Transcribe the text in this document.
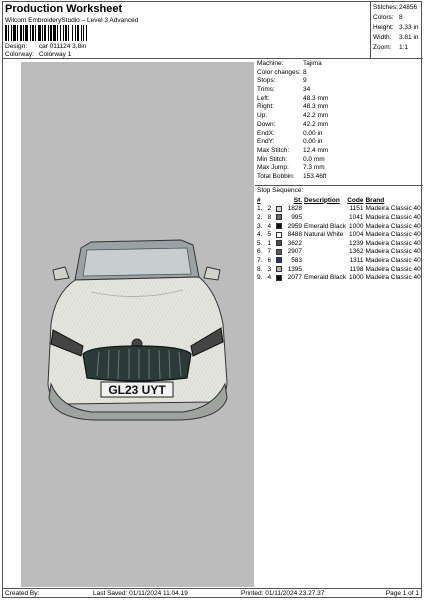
Production Worksheet
Wilcom EmbroideryStudio – Level 3 Advanced
Design: car 011124 3,8in
Colorway: Colorway 1
Stitches: 24856
Colors: 8
Height: 3.33 in
Width:	3.81 in
Zoom:	1:1
GL23 UYT
Machine:	Tajima
Color changes: 8
Stops:	9
Trims:	34
Left:	48.3 mm
Right:	48.3 mm
Up:	42.2 mm
Down:	42.2 mm
EndX:	0.00 in
EndY:	0.00 in
Max Stitch:	12.4 mm
Min Stitch:	0.0 mm
Max Jump:	7.3 mm
Total Bobbin:	153.46ft
Stop Sequence:
#	St. Description	Code Brand
1. 2	1828	1151 Madeira Classic 40
2. 8	995	1041 Madeira Classic 40
3. 4	2959 Emerald Black 1000 Madeira Classic 40
4. 5	8488 Natural White 1004 Madeira Classic 40
5. 1	3622	1239 Madeira Classic 40
6. 7	2907	1362 Madeira Classic 40
7. 6	583	1311 Madeira Classic 40
8. 3	1395	1198 Madeira Classic 40
9. 4	2077 Emerald Black 1000 Madeira Classic 40
Created By:	Last Saved: 01/11/2024 11.04.19	Printed: 01/11/2024 23.27.37	Page 1 of 1
